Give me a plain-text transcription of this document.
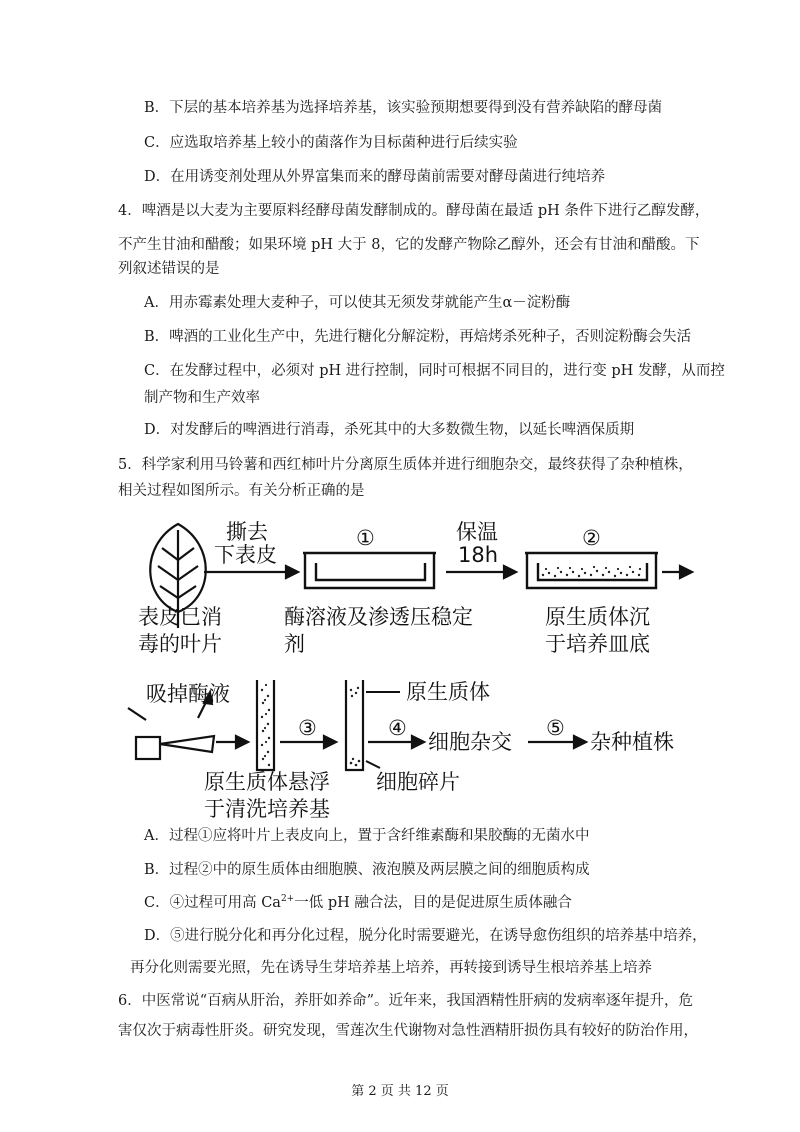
B．下层的基本培养基为选择培养基，该实验预期想要得到没有营养缺陷的酵母菌
C．应选取培养基上较小的菌落作为目标菌种进行后续实验
D．在用诱变剂处理从外界富集而来的酵母菌前需要对酵母菌进行纯培养
4．啤酒是以大麦为主要原料经酵母菌发酵制成的。酵母菌在最适 pH 条件下进行乙醇发酵，
不产生甘油和醋酸；如果环境 pH 大于 8，它的发酵产物除乙醇外，还会有甘油和醋酸。下
列叙述错误的是
A．用赤霉素处理大麦种子，可以使其无须发芽就能产生α－淀粉酶
B．啤酒的工业化生产中，先进行糖化分解淀粉，再焙烤杀死种子，否则淀粉酶会失活
C．在发酵过程中，必须对 pH 进行控制，同时可根据不同目的，进行变 pH 发酵，从而控
制产物和生产效率
D．对发酵后的啤酒进行消毒，杀死其中的大多数微生物，以延长啤酒保质期
5．科学家利用马铃薯和西红柿叶片分离原生质体并进行细胞杂交，最终获得了杂种植株，
相关过程如图所示。有关分析正确的是
撕去
下表皮
①	保温
18h
②
表皮已消
毒的叶片
酶溶液及渗透压稳定
剂
原生质体沉
于培养皿底
吸掉酶液
③
原生质体
④
细胞杂交
⑤
杂种植株
原生质体悬浮
于清洗培养基
细胞碎片
A．过程①应将叶片上表皮向上，置于含纤维素酶和果胶酶的无菌水中
B．过程②中的原生质体由细胞膜、液泡膜及两层膜之间的细胞质构成
C．④过程可用高 $Ca^{2+}$一低 pH 融合法，目的是促进原生质体融合
D．⑤进行脱分化和再分化过程，脱分化时需要避光，在诱导愈伤组织的培养基中培养，
再分化则需要光照，先在诱导生芽培养基上培养，再转接到诱导生根培养基上培养
6．中医常说“百病从肝治，养肝如养命”。近年来，我国酒精性肝病的发病率逐年提升，危
害仅次于病毒性肝炎。研究发现，雪莲次生代谢物对急性酒精肝损伤具有较好的防治作用，
第 2 页 共 12 页
